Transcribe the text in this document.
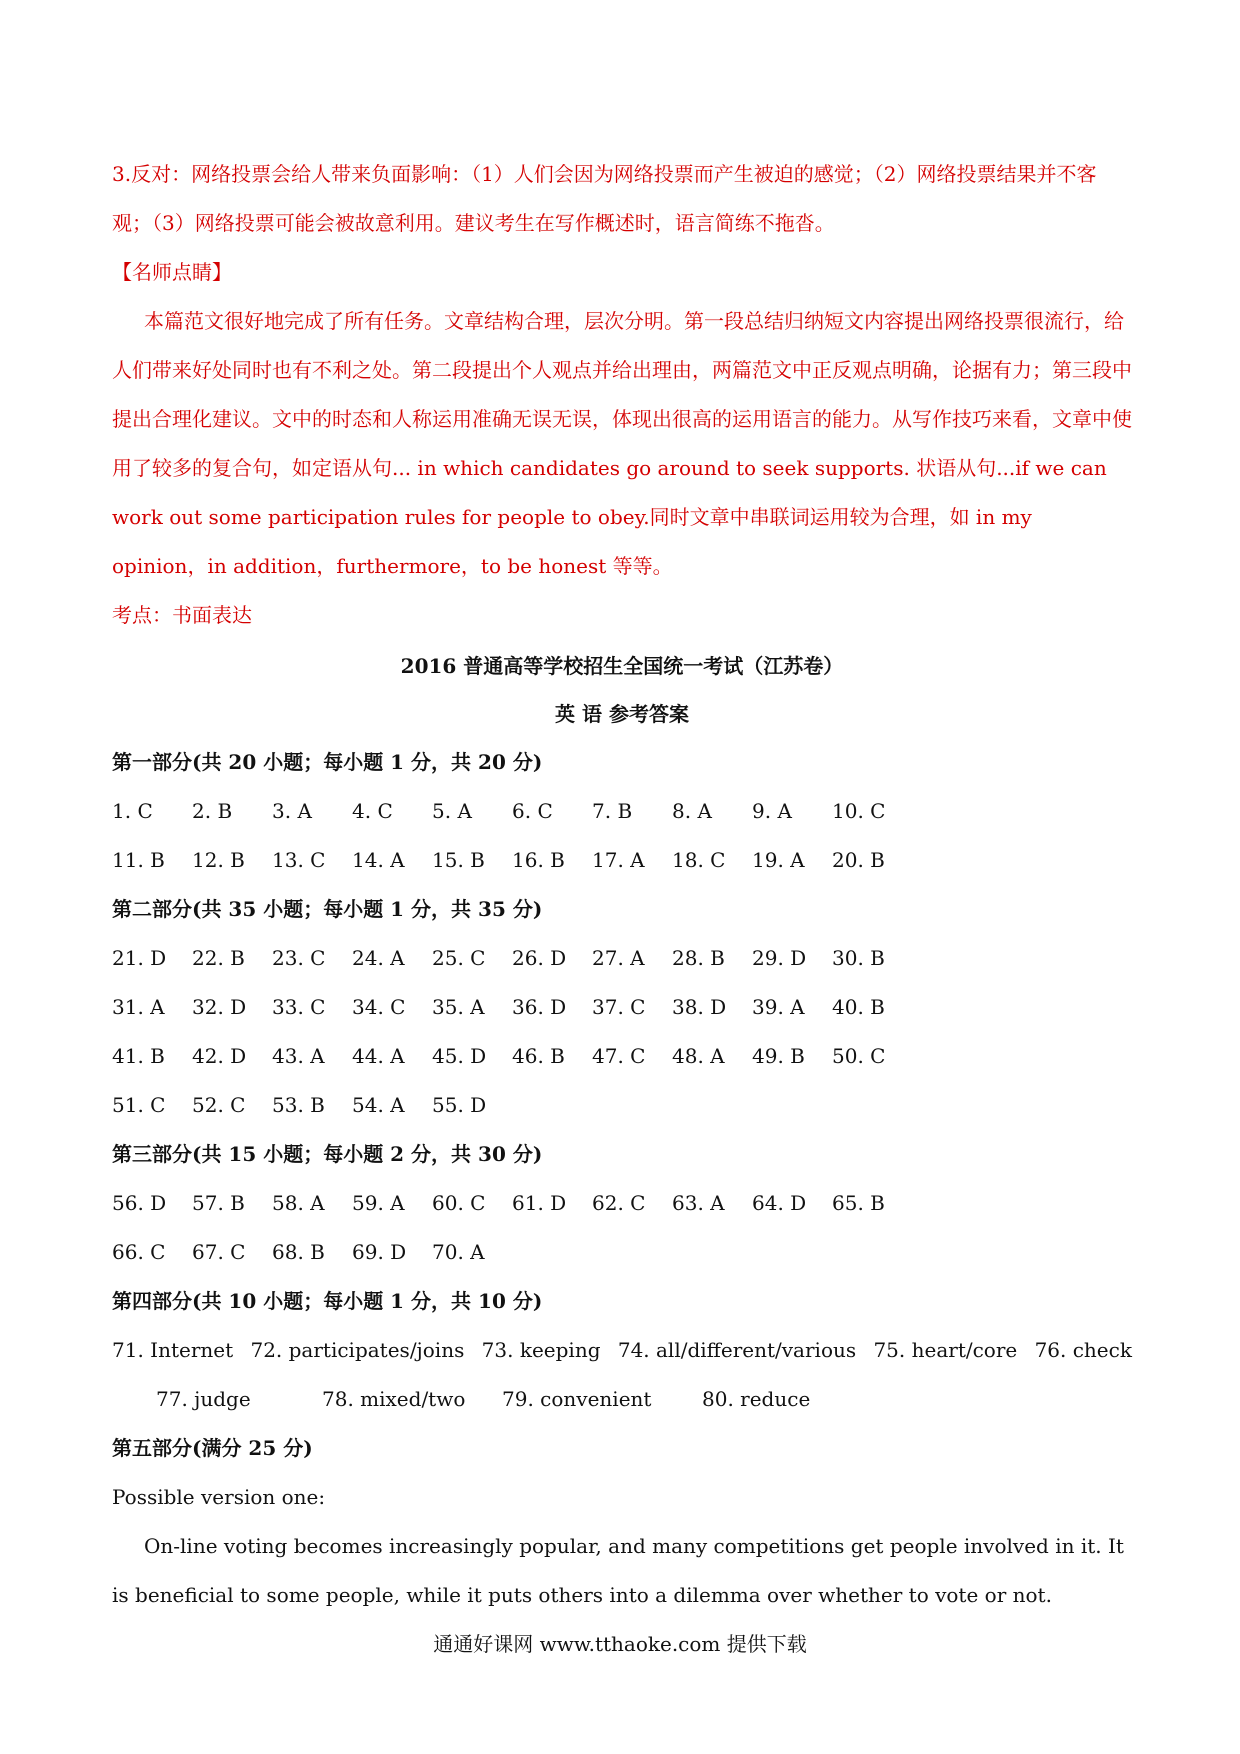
3.反对：网络投票会给人带来负面影响：（1）人们会因为网络投票而产生被迫的感觉；（2）网络投票结果并不客观；（3）网络投票可能会被故意利用。建议考生在写作概述时，语言简练不拖沓。

【名师点睛】

本篇范文很好地完成了所有任务。文章结构合理，层次分明。第一段总结归纳短文内容提出网络投票很流行，给人们带来好处同时也有不利之处。第二段提出个人观点并给出理由，两篇范文中正反观点明确，论据有力；第三段中提出合理化建议。文中的时态和人称运用准确无误无误，体现出很高的运用语言的能力。从写作技巧来看，文章中使用了较多的复合句，如定语从句... in which candidates go around to seek supports. 状语从句...if we can work out some participation rules for people to obey.同时文章中串联词运用较为合理，如 in my opinion，in addition，furthermore，to be honest 等等。

考点：书面表达

2016 普通高等学校招生全国统一考试（江苏卷）

英 语 参考答案

第一部分(共 20 小题；每小题 1 分，共 20 分)

1. C	2. B	3. A	4. C	5. A	6. C	7. B	8. A	9. A	10. C
11. B	12. B	13. C	14. A	15. B	16. B	17. A	18. C	19. A	20. B

第二部分(共 35 小题；每小题 1 分，共 35 分)

21. D	22. B	23. C	24. A	25. C	26. D	27. A	28. B	29. D	30. B
31. A	32. D	33. C	34. C	35. A	36. D	37. C	38. D	39. A	40. B
41. B	42. D	43. A	44. A	45. D	46. B	47. C	48. A	49. B	50. C
51. C	52. C	53. B	54. A	55. D

第三部分(共 15 小题；每小题 2 分，共 30 分)

56. D	57. B	58. A	59. A	60. C	61. D	62. C	63. A	64. D	65. B
66. C	67. C	68. B	69. D	70. A

第四部分(共 10 小题；每小题 1 分，共 10 分)

71. Internet 72. participates/joins 73. keeping 74. all/different/various 75. heart/core 76. check
77. judge	78. mixed/two	79. convenient	80. reduce

第五部分(满分 25 分)

Possible version one:

On-line voting becomes increasingly popular, and many competitions get people involved in it. It is beneficial to some people, while it puts others into a dilemma over whether to vote or not.

通通好课网 www.tthaoke.com 提供下载
